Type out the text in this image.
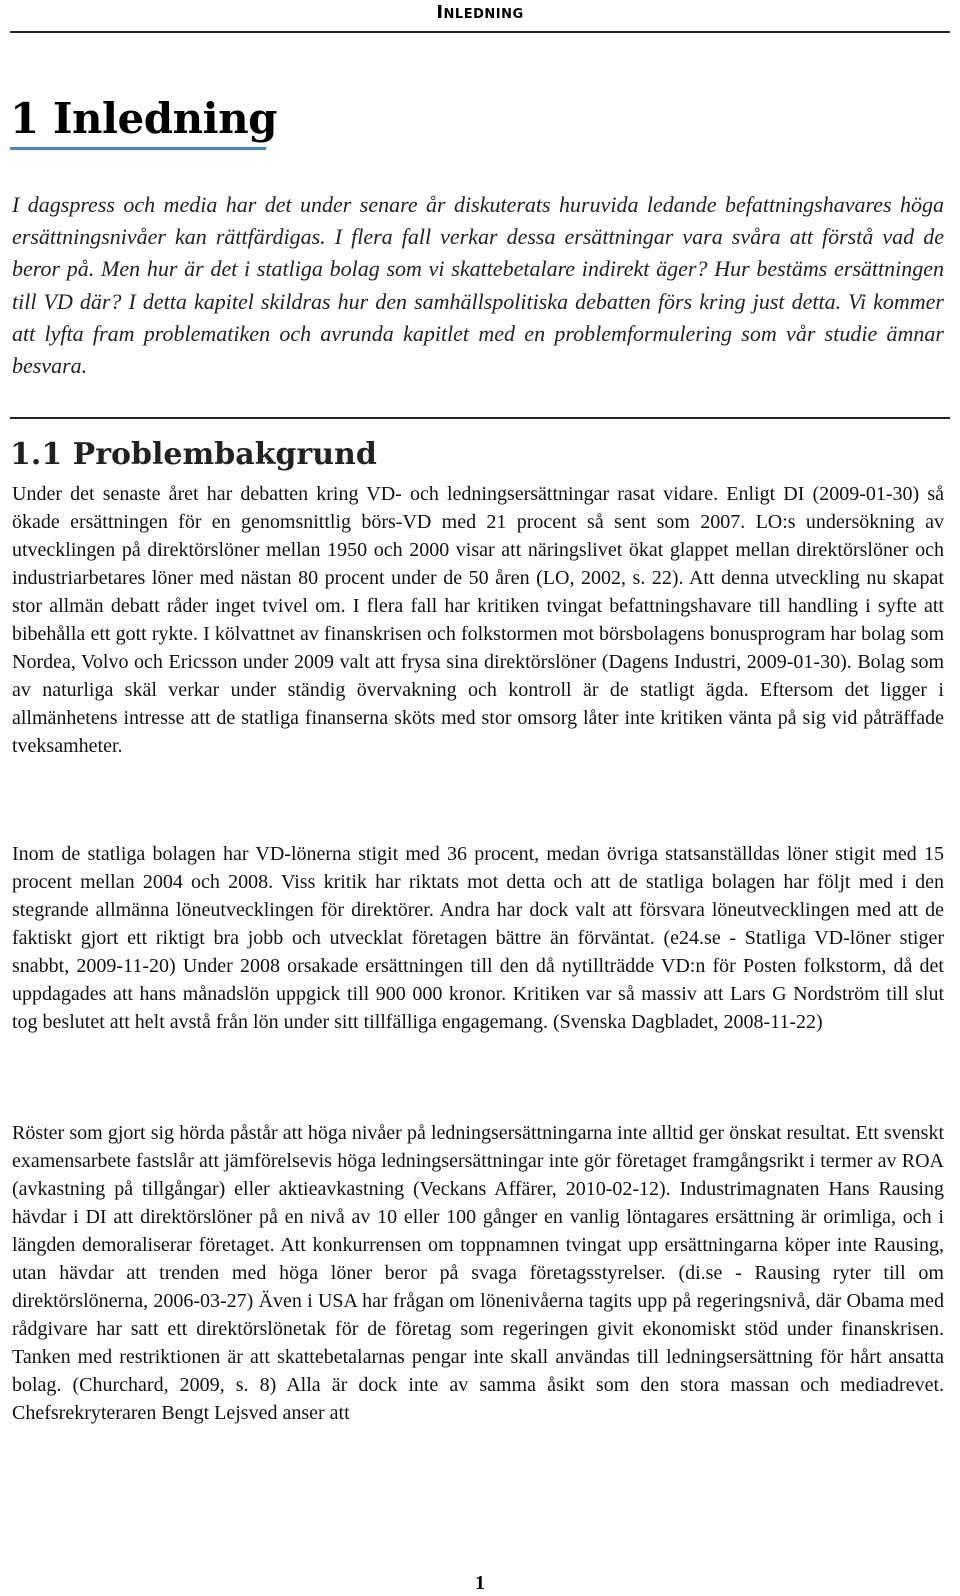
Inledning
1 Inledning

I dagspress och media har det under senare år diskuterats huruvida ledande befattningshavares höga ersättningsnivåer kan rättfärdigas. I flera fall verkar dessa ersättningar vara svåra att förstå vad de beror på. Men hur är det i statliga bolag som vi skattebetalare indirekt äger? Hur bestäms ersättningen till VD där? I detta kapitel skildras hur den samhällspolitiska debatten förs kring just detta. Vi kommer att lyfta fram problematiken och avrunda kapitlet med en problemformulering som vår studie ämnar besvara.

1.1 Problembakgrund

Under det senaste året har debatten kring VD- och ledningsersättningar rasat vidare. Enligt DI (2009-01-30) så ökade ersättningen för en genomsnittlig börs-VD med 21 procent så sent som 2007. LO:s undersökning av utvecklingen på direktörslöner mellan 1950 och 2000 visar att näringslivet ökat glappet mellan direktörslöner och industriarbetares löner med nästan 80 procent under de 50 åren (LO, 2002, s. 22). Att denna utveckling nu skapat stor allmän debatt råder inget tvivel om. I flera fall har kritiken tvingat befattningshavare till handling i syfte att bibehålla ett gott rykte. I kölvattnet av finanskrisen och folkstormen mot börsbolagens bonusprogram har bolag som Nordea, Volvo och Ericsson under 2009 valt att frysa sina direktörslöner (Dagens Industri, 2009-01-30). Bolag som av naturliga skäl verkar under ständig övervakning och kontroll är de statligt ägda. Eftersom det ligger i allmänhetens intresse att de statliga finanserna sköts med stor omsorg låter inte kritiken vänta på sig vid påträffade tveksamheter.

Inom de statliga bolagen har VD-lönerna stigit med 36 procent, medan övriga statsanställdas löner stigit med 15 procent mellan 2004 och 2008. Viss kritik har riktats mot detta och att de statliga bolagen har följt med i den stegrande allmänna löneutvecklingen för direktörer. Andra har dock valt att försvara löneutvecklingen med att de faktiskt gjort ett riktigt bra jobb och utvecklat företagen bättre än förväntat. (e24.se - Statliga VD-löner stiger snabbt, 2009-11-20) Under 2008 orsakade ersättningen till den då nytillträdde VD:n för Posten folkstorm, då det uppdagades att hans månadslön uppgick till 900 000 kronor. Kritiken var så massiv att Lars G Nordström till slut tog beslutet att helt avstå från lön under sitt tillfälliga engagemang. (Svenska Dagbladet, 2008-11-22)

Röster som gjort sig hörda påstår att höga nivåer på ledningsersättningarna inte alltid ger önskat resultat. Ett svenskt examensarbete fastslår att jämförelsevis höga ledningsersättningar inte gör företaget framgångsrikt i termer av ROA (avkastning på tillgångar) eller aktieavkastning (Veckans Affärer, 2010-02-12). Industrimagnaten Hans Rausing hävdar i DI att direktörslöner på en nivå av 10 eller 100 gånger en vanlig löntagares ersättning är orimliga, och i längden demoraliserar företaget. Att konkurrensen om toppnamnen tvingat upp ersättningarna köper inte Rausing, utan hävdar att trenden med höga löner beror på svaga företagsstyrelser. (di.se - Rausing ryter till om direktörslönerna, 2006-03-27) Även i USA har frågan om lönenivåerna tagits upp på regeringsnivå, där Obama med rådgivare har satt ett direktörslönetak för de företag som regeringen givit ekonomiskt stöd under finanskrisen. Tanken med restriktionen är att skattebetalarnas pengar inte skall användas till ledningsersättning för hårt ansatta bolag. (Churchard, 2009, s. 8) Alla är dock inte av samma åsikt som den stora massan och mediadrevet. Chefsrekryteraren Bengt Lejsved anser att

1
